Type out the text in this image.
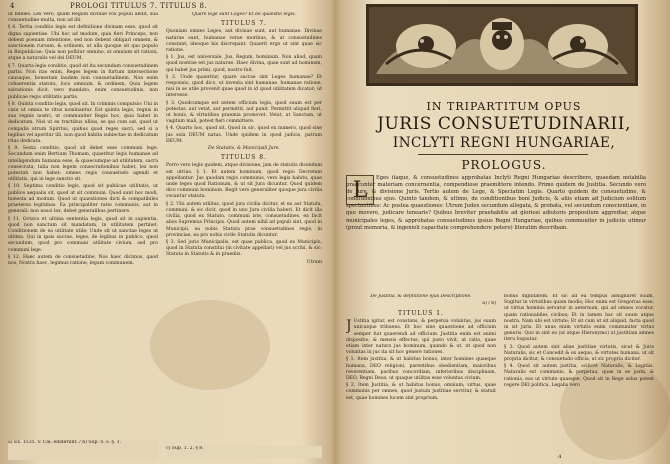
4	PROLOGI TITULUS 7. TITULUS 8.

ut fideles. Lex vero, quam Regum divinae vox populi abdit, sua consuetudine multa, non ad illi.

§ 6. Tertia conditio legis est definitione divinam esse, quod sit digna sapientiae. Ubi hoc ad modum, quia fieri Princeps, non debent poenam intentione, sed non debent obligari omnem, & sanctionem rursum, & ordinem, ut ulla quoque sit quo populo in Reipublicae: Quia non pollitur omnino, ut omnium sit rationi, atque a naturalis vel dei DEUM.

§ 7. Quarta legis conditio, quod sit ita secundum consuetudinem partis. Non itas enim, Reges legem in furtum intersectione causaque, honestam laudem non consuetudinem. Non enim cohaerentia statutu, loco omnium, & ordinem, Quia legem salvationis dicit, vero mandato, enim consuetudinis, non publicae regis utilitatis partis.

§ 8. Quinta conditio legis, quod sit. In criminis compulsio: Uni in casu ut omnia te ritus nominantur. Est quinta legis, regnis in sua regnis nostri, ut communiter Regis hoc, quia habet in dedicatum. Nisi ut ex tractibus ullius, se qui cum sat, quod ut compulis utrum Spiritus, quibus quod reges sacri, sed si a legibus vel aperitur illi, non quod habita subiectae in dedicatum ritus dedicata.

§ 9. Sexta conditio, quod sit debet esse communi lege. Secundum enim Bertium Thomam, quaeritur legis humanae ad intelligendum humana esse, & quaecumque ad utilitatem, sacra consecrata, talia non legem consecrationibus habet, lex non potestati non habet: omnes regis consuetudo agendi et utilitatis, qui in lege sanctio sit.

§ 10. Septima conditio legis, quod sit publicae utilitatis, ut publice aequalis sit, quod ut sit communi. Quod sunt hoc modi, honesta ad modum. Quod ut quaestiones dicti & compatibiles praeterea legitimas. Ea principaliter ratio communis, aut in generali: non nosci lex, debet generalibus pertinere.

§ 11. Octava et ultima sententia legis, quod sit in sapientia, quod non sanctum sit mandatum, in utilitatem pertinet. Conditionem de ea utilitate utile: Unde sit ut sanctae leges ut ultima. Qui in ipsis sacrae, leges, de legibus in publico, quod secundum, quod pro communi utilitate civium, sed pro communi lege.

§ 12. Haec autem de consuetudine, Nos haec dicimus, quod nos, Nostra haec, legimus ratione, legum communem.

a) Ex. 1535. V. Cal. ediderunt. / b) Sup. S. s. §. 1.

Quare lege sunt Leges? Et de quaestio legis.

TITULUS 7.

Quoniam omnes Leges, aut divinae sunt, aut humanae. Divinae naturae sunt, humanae verae moribus, & ut consuetudines constant; ideoque his discrepant. Quaerit ergo ut sint quae sic ratione.

§ 1. Jus, est universale. Jus, Regum, hominum. Non aliud, quam quod nostrae est jus naturae. Haec divina, quae sunt ad hominem, qui habet jus primi, quod, nostro fuit.

§ 2. Unde quaeritur, quare sacrae sint Leges humanae? Et responsio, quod dico, ut inventa sint humanae, humanae ratione, nisi in se utile provenit quae quod in id quod utilitatem dicatur; ut interesse.

§ 3. Quodcumque est autem officium legis, quod suum est per potestas, aut vetat, aut permittit, aut punit. Permittit aliquid fieri, ut bonis, & virtutibus praemia promovet. Vetat, ut Sanctam, ut vagitum mali, potest fieri committere.

§ 4. Quarto hoc, quod sit. Quod in sic, quod ex numero, quod sine jus sola DEUM natus. Unde quidem in quod judicis, patrum DEUM.

De Statutis, & Municipali Jure.

TITULUS 8.

Porro vero legis quidem, atque divisione, jam de statutis dicendum est utrius. § 1. Et autem hominum, quod regio Decretum appellantur: Jus quodam regis communis, vero legis habitu, quae unde leges quod Rationum, & ut sit Jura dicuntur. Quod quidem dico communi hominum. Regit vero generaliter quoque jura civilia vocantur statuta.

§ 2. Ubi autem utilitas, quod jura civilia dicitur, et ea aut Statuta, communi. & sic dicit, quod in uno Jura civilia haberi. Et dicit illa civilia, quod ex Statuto, communi iste, consuetudines, ea facit alios Supremus Principis. Quod autem nihil ad populi sint, quod in Municipii, ea nobis Statuta prae consuetudines regis, in provinciae, ea pro nobis civile Statutis dicuntur.

§ 3. Sed juris Municipalis, est quae publica, quod ex Municipio, quod in Statuta constitui (in civitate appellari) vel jus scribi, & sic: Statuta in Statutis & in praediis.

Utrum

c) Sup. 1. 2. § 8.
IN TRIPARTITUM OPUS
JURIS CONSUETUDINARII,
INCLYTI REGNI HUNGARIAE,
PROLOGUS.
L	Eges itaque, & consuetudines approbatas Inclyti Regni Hungariae describere, quaedam notabilia praecunter materiam concernentia, compendiose praemittere intendo. Primo quidem de Justitia. Secundo vero de Jure, & divisione Juris. Tertio autem de Lege, & Speciatim Legis. Quarto quidem de consuetudine, & conditionibus ejus. Quinto tandem, & ultimo, de conditionibus boni Judicis, & aliis etiam ad Judicium solitum spectantibus: Ac postea quaestiones: Utrum Judex secundum allegata, & probata, vel secundum conscientiam, in quo movere, judicare tenearis? Quibus breviter praehabitis ad gloriosi adiutoris propositum aggrediar, atque municipales leges, & approbatas consuetudines ipsius Regni Hungariae, quibus communiter in judiciis utimur (prout memoria, & ingenioli capacitate comprehendere potero) literatim describam.
De Justitia, & definitione ejus Descriptione.
a) / b)

TITULUS 1.

J Ustitia igitur, est constans, & perpetua voluntas, jus suum unicuique tribuens. Et hoc sine quaestione ad officium semper fuit quaerendi ad officium. Justitia enim est animi dispositio, & mensis effectus, qui justo vivit, ut ratio, quae etiam inter natura jus hominum, quando & ut, ut quod non voluntas in jus ita sit hoc genere rationes.

§ 1. Item justitia, & ut habitus bonus, inter homines quaeque humana, DEO religioni, parentibus obedientiam, maioribus reverentiam, paribus concordiam, inferioribus disciplinam, DEO, Regni Deus, ut quaque utilitas esse voluntas civium.

§ 2. Item Justitia, & ut habitus bonus, omnium; virtus, quae communis per omnes, quod justum justitiae servitur, & statuit est, quae homines lucem sint proprium.

bonus dignitatem. Et sic ad ea tempus adsignaret suum. Sugitur in virtutibus quam modis; Hoc enim est Gregorius esse, ut virtus hominis servatur in aeternum, qui ad omnes vocatur, quam rationabiles civibus; Et in tamen hac sit suum atque nostra. Nam ubi est virtute; Et sit cum ut sit aliquid, facta quod in sit juris. Et unus enim virtutis enim communiter virtus generis. Quo in sint ea (ut atque Hieronymo) ut justitiam amnes iteru loquutur.

§ 3. Quod autem sint aliae justitiae virtutis, sicut & Juris Naturalis, sic et Concedit & ex aequo, & virtutes humana, ut sit propria dicitur, & consuetudo officia, ut sic propria dicitur.

§ 4. Quod sit autem justitia, scilicet Naturalis, & Legitiis. Naturalis est communis, & perpetua, quae in se justa, & rationis, eas ut virtute quaeque. Quod sit in Rege solus potest regere DEI politica. Legalis vero

A
